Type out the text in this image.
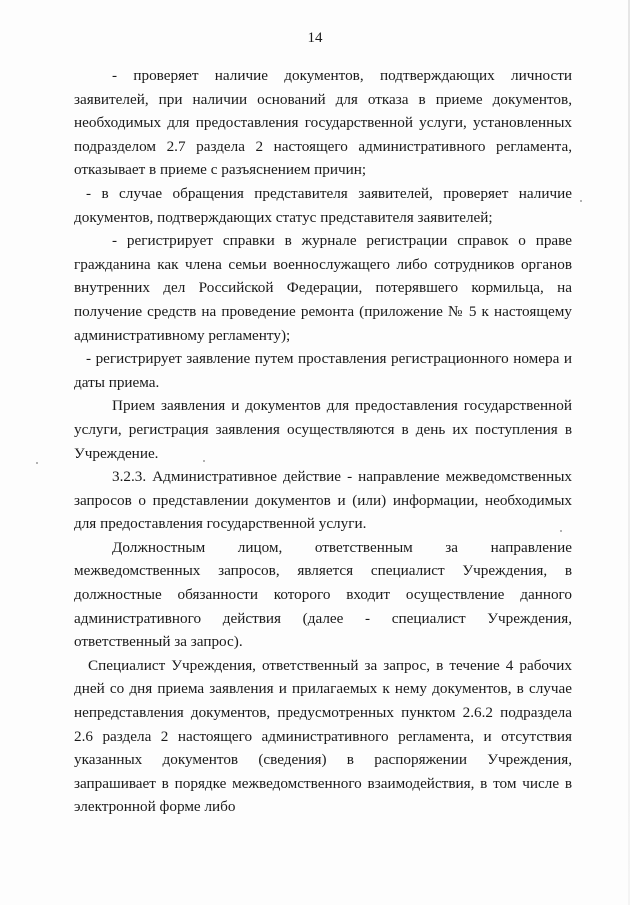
14

- проверяет наличие документов, подтверждающих личности заявителей, при наличии оснований для отказа в приеме документов, необходимых для предоставления государственной услуги, установленных подразделом 2.7 раздела 2 настоящего административного регламента, отказывает в приеме с разъяснением причин;

- в случае обращения представителя заявителей, проверяет наличие документов, подтверждающих статус представителя заявителей;

- регистрирует справки в журнале регистрации справок о праве гражданина как члена семьи военнослужащего либо сотрудников органов внутренних дел Российской Федерации, потерявшего кормильца, на получение средств на проведение ремонта (приложение № 5 к настоящему административному регламенту);

- регистрирует заявление путем проставления регистрационного номера и даты приема.

Прием заявления и документов для предоставления государственной услуги, регистрация заявления осуществляются в день их поступления в Учреждение.

3.2.3. Административное действие - направление межведомственных запросов о представлении документов и (или) информации, необходимых для предоставления государственной услуги.

Должностным лицом, ответственным за направление межведомственных запросов, является специалист Учреждения, в должностные обязанности которого входит осуществление данного административного действия (далее - специалист Учреждения, ответственный за запрос).

Специалист Учреждения, ответственный за запрос, в течение 4 рабочих дней со дня приема заявления и прилагаемых к нему документов, в случае непредставления документов, предусмотренных пунктом 2.6.2 подраздела 2.6 раздела 2 настоящего административного регламента, и отсутствия указанных документов (сведения) в распоряжении Учреждения, запрашивает в порядке межведомственного взаимодействия, в том числе в электронной форме либо
